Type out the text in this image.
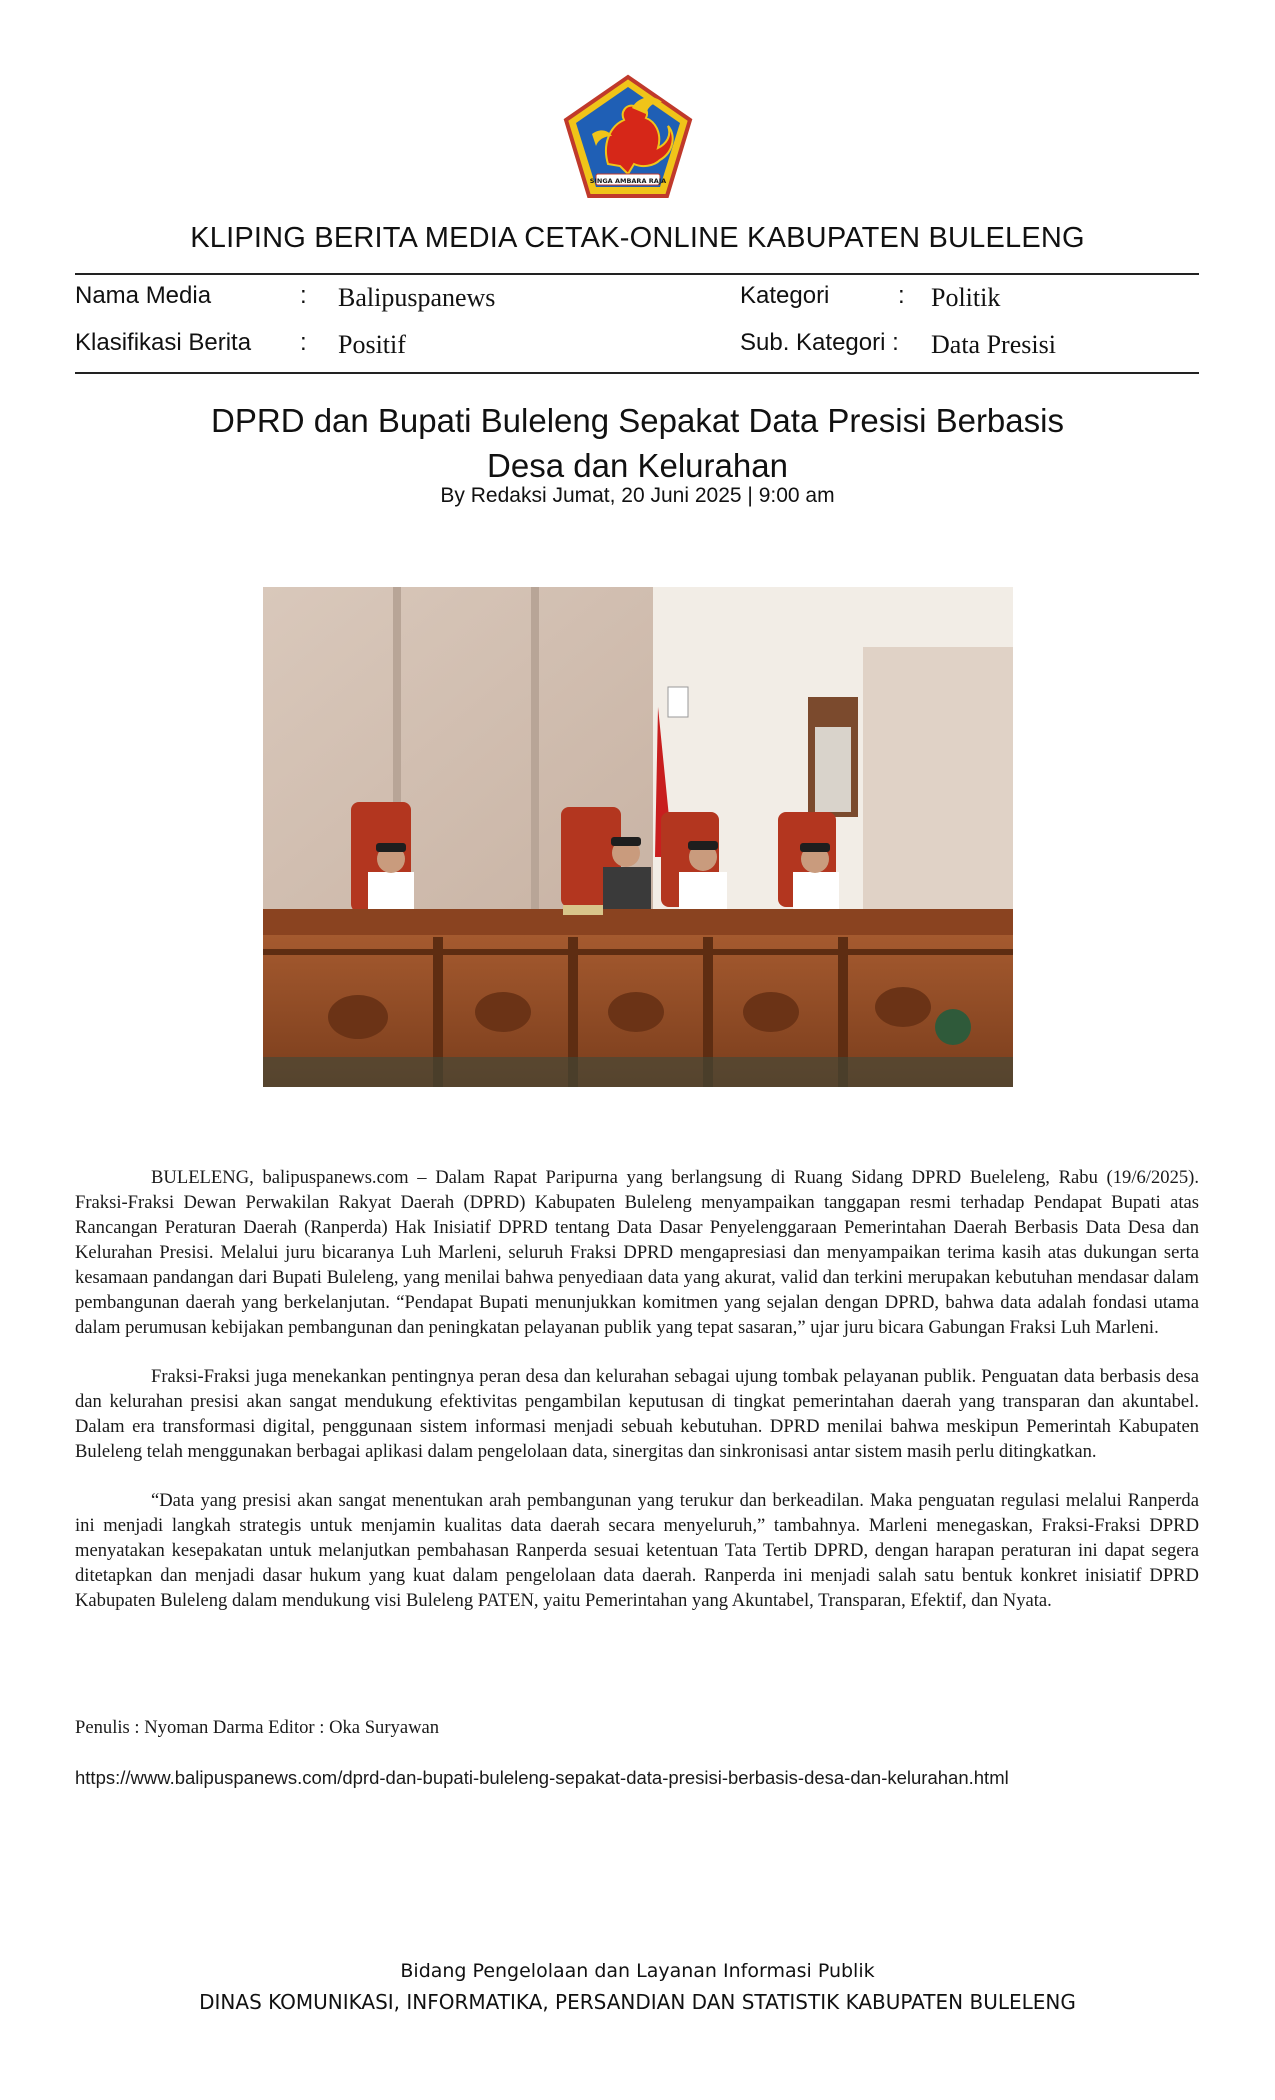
SINGA AMBARA RAJA
KLIPING BERITA MEDIA CETAK-ONLINE KABUPATEN BULELENG
Nama Media	: Balipuspanews	Kategori	: Politik
Klasifikasi Berita : Positif	Sub. Kategori : Data Presisi
DPRD dan Bupati Buleleng Sepakat Data Presisi Berbasis
Desa dan Kelurahan
By Redaksi Jumat, 20 Juni 2025 | 9:00 am

BULELENG, balipuspanews.com – Dalam Rapat Paripurna yang berlangsung di Ruang Sidang DPRD Bueleleng, Rabu (19/6/2025). Fraksi-Fraksi Dewan Perwakilan Rakyat Daerah (DPRD) Kabupaten Buleleng menyampaikan tanggapan resmi terhadap Pendapat Bupati atas Rancangan Peraturan Daerah (Ranperda) Hak Inisiatif DPRD tentang Data Dasar Penyelenggaraan Pemerintahan Daerah Berbasis Data Desa dan Kelurahan Presisi. Melalui juru bicaranya Luh Marleni, seluruh Fraksi DPRD mengapresiasi dan menyampaikan terima kasih atas dukungan serta kesamaan pandangan dari Bupati Buleleng, yang menilai bahwa penyediaan data yang akurat, valid dan terkini merupakan kebutuhan mendasar dalam pembangunan daerah yang berkelanjutan. “Pendapat Bupati menunjukkan komitmen yang sejalan dengan DPRD, bahwa data adalah fondasi utama dalam perumusan kebijakan pembangunan dan peningkatan pelayanan publik yang tepat sasaran,” ujar juru bicara Gabungan Fraksi Luh Marleni.

Fraksi-Fraksi juga menekankan pentingnya peran desa dan kelurahan sebagai ujung tombak pelayanan publik. Penguatan data berbasis desa dan kelurahan presisi akan sangat mendukung efektivitas pengambilan keputusan di tingkat pemerintahan daerah yang transparan dan akuntabel. Dalam era transformasi digital, penggunaan sistem informasi menjadi sebuah kebutuhan. DPRD menilai bahwa meskipun Pemerintah Kabupaten Buleleng telah menggunakan berbagai aplikasi dalam pengelolaan data, sinergitas dan sinkronisasi antar sistem masih perlu ditingkatkan.

“Data yang presisi akan sangat menentukan arah pembangunan yang terukur dan berkeadilan. Maka penguatan regulasi melalui Ranperda ini menjadi langkah strategis untuk menjamin kualitas data daerah secara menyeluruh,” tambahnya. Marleni menegaskan, Fraksi-Fraksi DPRD menyatakan kesepakatan untuk melanjutkan pembahasan Ranperda sesuai ketentuan Tata Tertib DPRD, dengan harapan peraturan ini dapat segera ditetapkan dan menjadi dasar hukum yang kuat dalam pengelolaan data daerah. Ranperda ini menjadi salah satu bentuk konkret inisiatif DPRD Kabupaten Buleleng dalam mendukung visi Buleleng PATEN, yaitu Pemerintahan yang Akuntabel, Transparan, Efektif, dan Nyata.

Penulis : Nyoman Darma Editor : Oka Suryawan
https://www.balipuspanews.com/dprd-dan-bupati-buleleng-sepakat-data-presisi-berbasis-desa-dan-kelurahan.html
Bidang Pengelolaan dan Layanan Informasi Publik
DINAS KOMUNIKASI, INFORMATIKA, PERSANDIAN DAN STATISTIK KABUPATEN BULELENG
